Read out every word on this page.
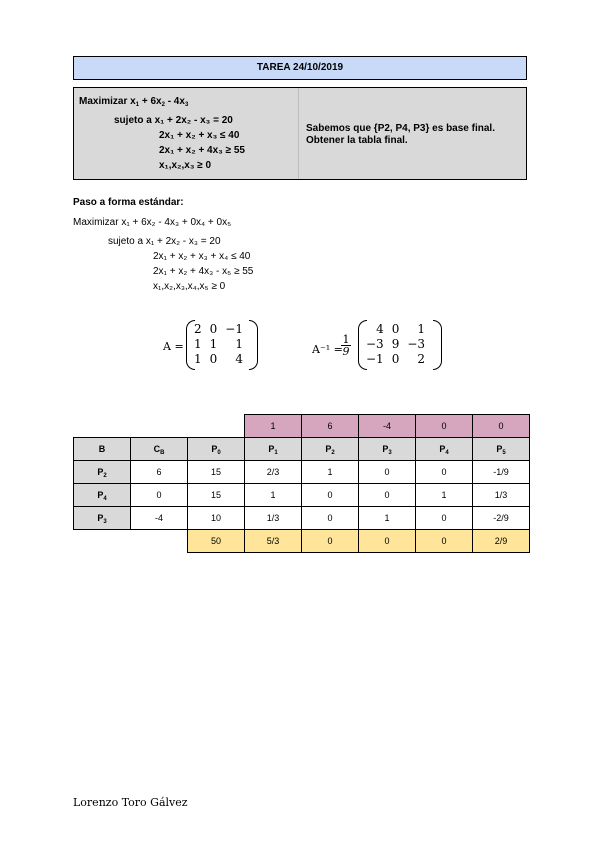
TAREA 24/10/2019
Maximizar $x_1 + 6x_2 - 4x_3$
sujeto a x₁ + 2x₂ - x₃ = 20
2x₁ + x₂ + x₃ ≤ 40
2x₁ + x₂ + 4x₃ ≥ 55
x₁,x₂,x₃ ≥ 0
Sabemos que {P2, P4, P3} es base final.
Obtener la tabla final.
Paso a forma estándar:
Maximizar x₁ + 6x₂ - 4x₃ + 0x₄ + 0x₅
sujeto a x₁ + 2x₂ - x₃ = 20
2x₁ + x₂ + x₃ + x₄ ≤ 40
2x₁ + x₂ + 4x₃ - x₅ ≥ 55
x₁,x₂,x₃,x₄,x₅ ≥ 0
A =
2	0	−1
1	1	1
1	0	4
A⁻¹ =
$\frac{1}{9}$
4	0	1
−3	9	−3
−1	0	2
			1	6	-4	0	0
B	$C_B$	$P_0$	$P_1$	$P_2$	$P_3$	$P_4$	$P_5$
$P_2$	6	15	2/3	1	0	0	-1/9
$P_4$	0	15	1	0	0	1	1/3
$P_3$	-4	10	1/3	0	1	0	-2/9
		50	5/3	0	0	0	2/9
Lorenzo Toro Gálvez
